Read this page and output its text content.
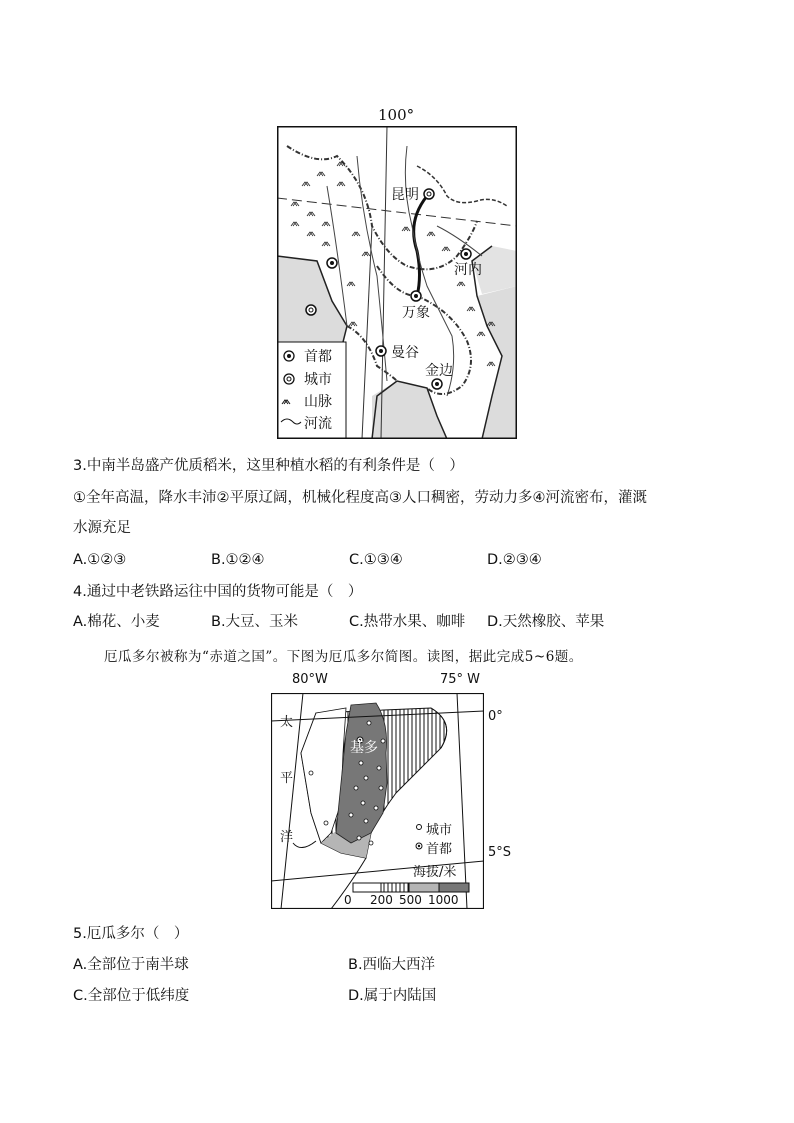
100°
昆明
河内
万象
曼谷
金边
首都
城市
山脉
河流
3.中南半岛盛产优质稻米，这里种植水稻的有利条件是（　）
①全年高温，降水丰沛②平原辽阔，机械化程度高③人口稠密，劳动力多④河流密布，灌溉
水源充足
A.①②③	B.①②④	C.①③④	D.②③④
4.通过中老铁路运往中国的货物可能是（　）
A.棉花、小麦	B.大豆、玉米	C.热带水果、咖啡 D.天然橡胶、苹果
厄瓜多尔被称为“赤道之国”。下图为厄瓜多尔简图。读图，据此完成5~6题。
80°W	75° W
0°
5°S
太
平
洋
基多
城市
首都
海拔/米
0 200 500 1000
5.厄瓜多尔（　）
A.全部位于南半球	B.西临大西洋
C.全部位于低纬度	D.属于内陆国
